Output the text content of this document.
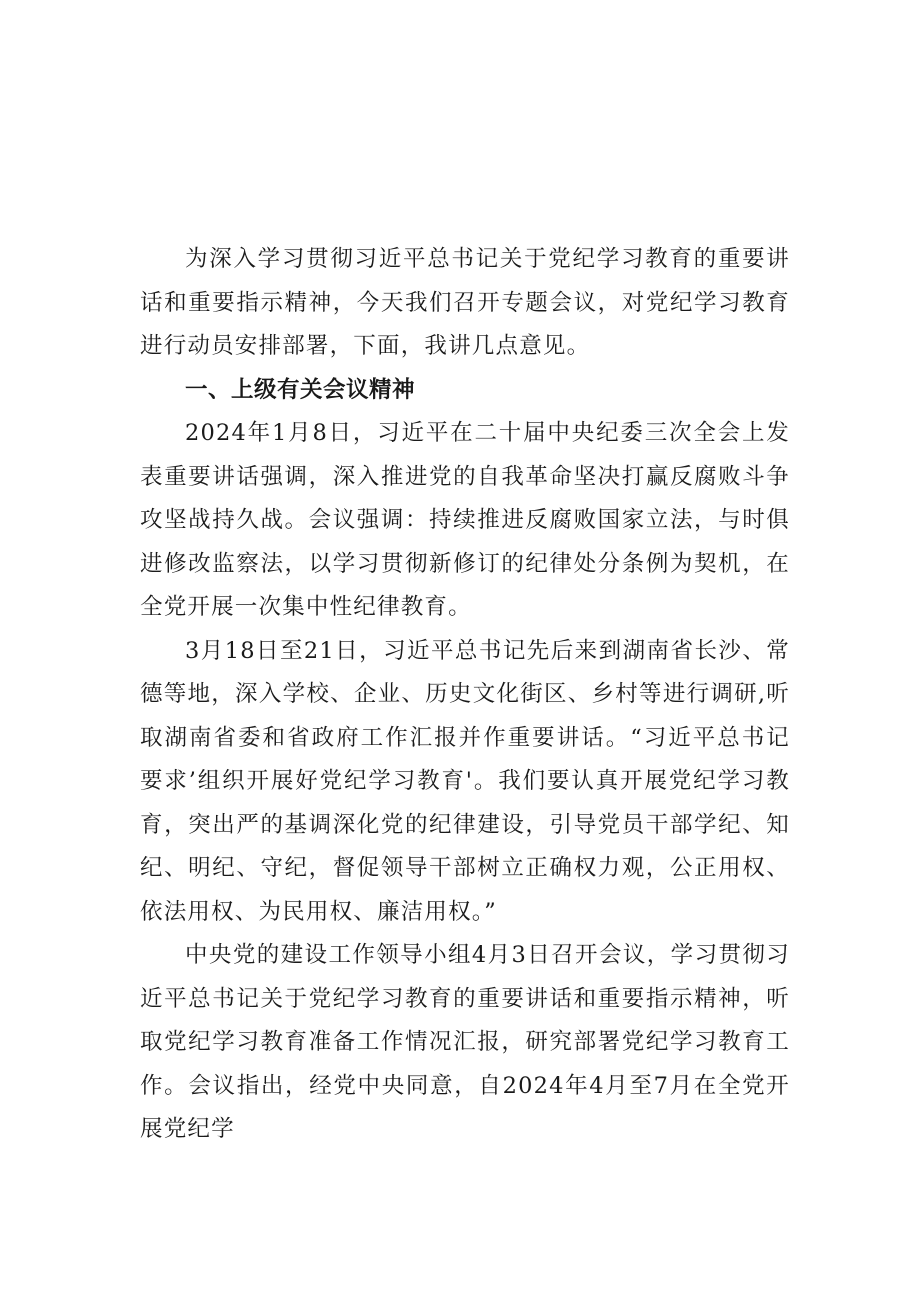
为深入学习贯彻习近平总书记关于党纪学习教育的重要讲话和重要指示精神，今天我们召开专题会议，对党纪学习教育进行动员安排部署，下面，我讲几点意见。

一、上级有关会议精神

2024年1月8日，习近平在二十届中央纪委三次全会上发表重要讲话强调，深入推进党的自我革命坚决打赢反腐败斗争攻坚战持久战。会议强调：持续推进反腐败国家立法，与时俱进修改监察法，以学习贯彻新修订的纪律处分条例为契机，在全党开展一次集中性纪律教育。

3月18日至21日，习近平总书记先后来到湖南省长沙、常德等地，深入学校、企业、历史文化街区、乡村等进行调研,听取湖南省委和省政府工作汇报并作重要讲话。“习近平总书记要求’组织开展好党纪学习教育'。我们要认真开展党纪学习教育，突出严的基调深化党的纪律建设，引导党员干部学纪、知纪、明纪、守纪，督促领导干部树立正确权力观，公正用权、依法用权、为民用权、廉洁用权。”

中央党的建设工作领导小组4月3日召开会议，学习贯彻习近平总书记关于党纪学习教育的重要讲话和重要指示精神，听取党纪学习教育准备工作情况汇报，研究部署党纪学习教育工作。会议指出，经党中央同意，自2024年4月至7月在全党开展党纪学
